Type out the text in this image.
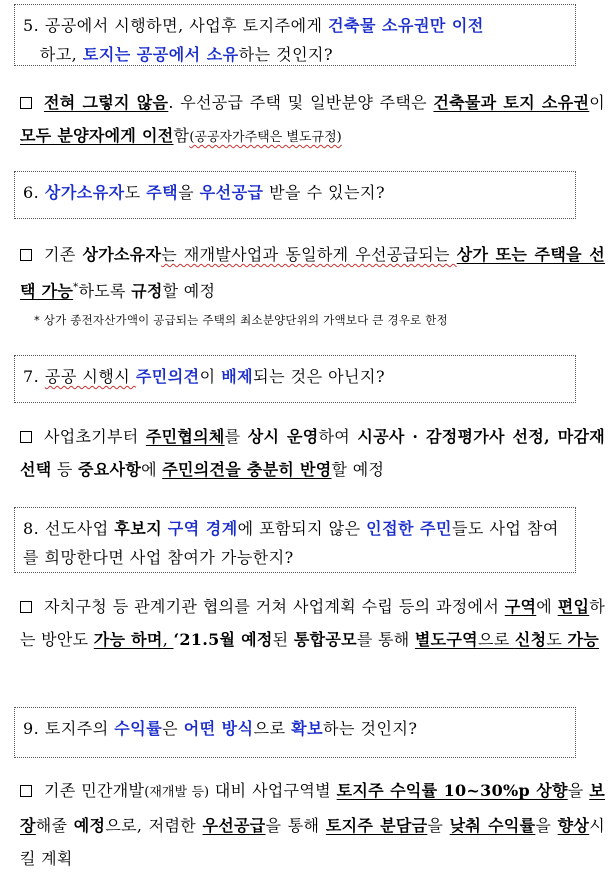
5. 공공에서 시행하면, 사업후 토지주에게 건축물 소유권만 이전
하고, 토지는 공공에서 소유하는 것인지?
전혀 그렇지 않음. 우선공급 주택 및 일반분양 주택은 건축물과 토지 소유권이 모두 분양자에게 이전함(공공자가주택은 별도규정)
6. 상가소유자도 주택을 우선공급 받을 수 있는지?
기존 상가소유자는 재개발사업과 동일하게 우선공급되는 상가 또는 주택을 선택 가능*하도록 규정할 예정
* 상가 종전자산가액이 공급되는 주택의 최소분양단위의 가액보다 큰 경우로 한정
7. 공공 시행시 주민의견이 배제되는 것은 아닌지?
사업초기부터 주민협의체를 상시 운영하여 시공사 · 감정평가사 선정, 마감재 선택 등 중요사항에 주민의견을 충분히 반영할 예정
8. 선도사업 후보지 구역 경계에 포함되지 않은 인접한 주민들도 사업 참여를 희망한다면 사업 참여가 가능한지?
자치구청 등 관계기관 협의를 거쳐 사업계획 수립 등의 과정에서 구역에 편입하는 방안도 가능 하며, ‘21.5월 예정된 통합공모를 통해 별도구역으로 신청도 가능
9. 토지주의 수익률은 어떤 방식으로 확보하는 것인지?
기존 민간개발(재개발 등) 대비 사업구역별 토지주 수익률 10~30%p 상향을 보장해줄 예정으로, 저렴한 우선공급을 통해 토지주 분담금을 낮춰 수익률을 향상시킬 계획
